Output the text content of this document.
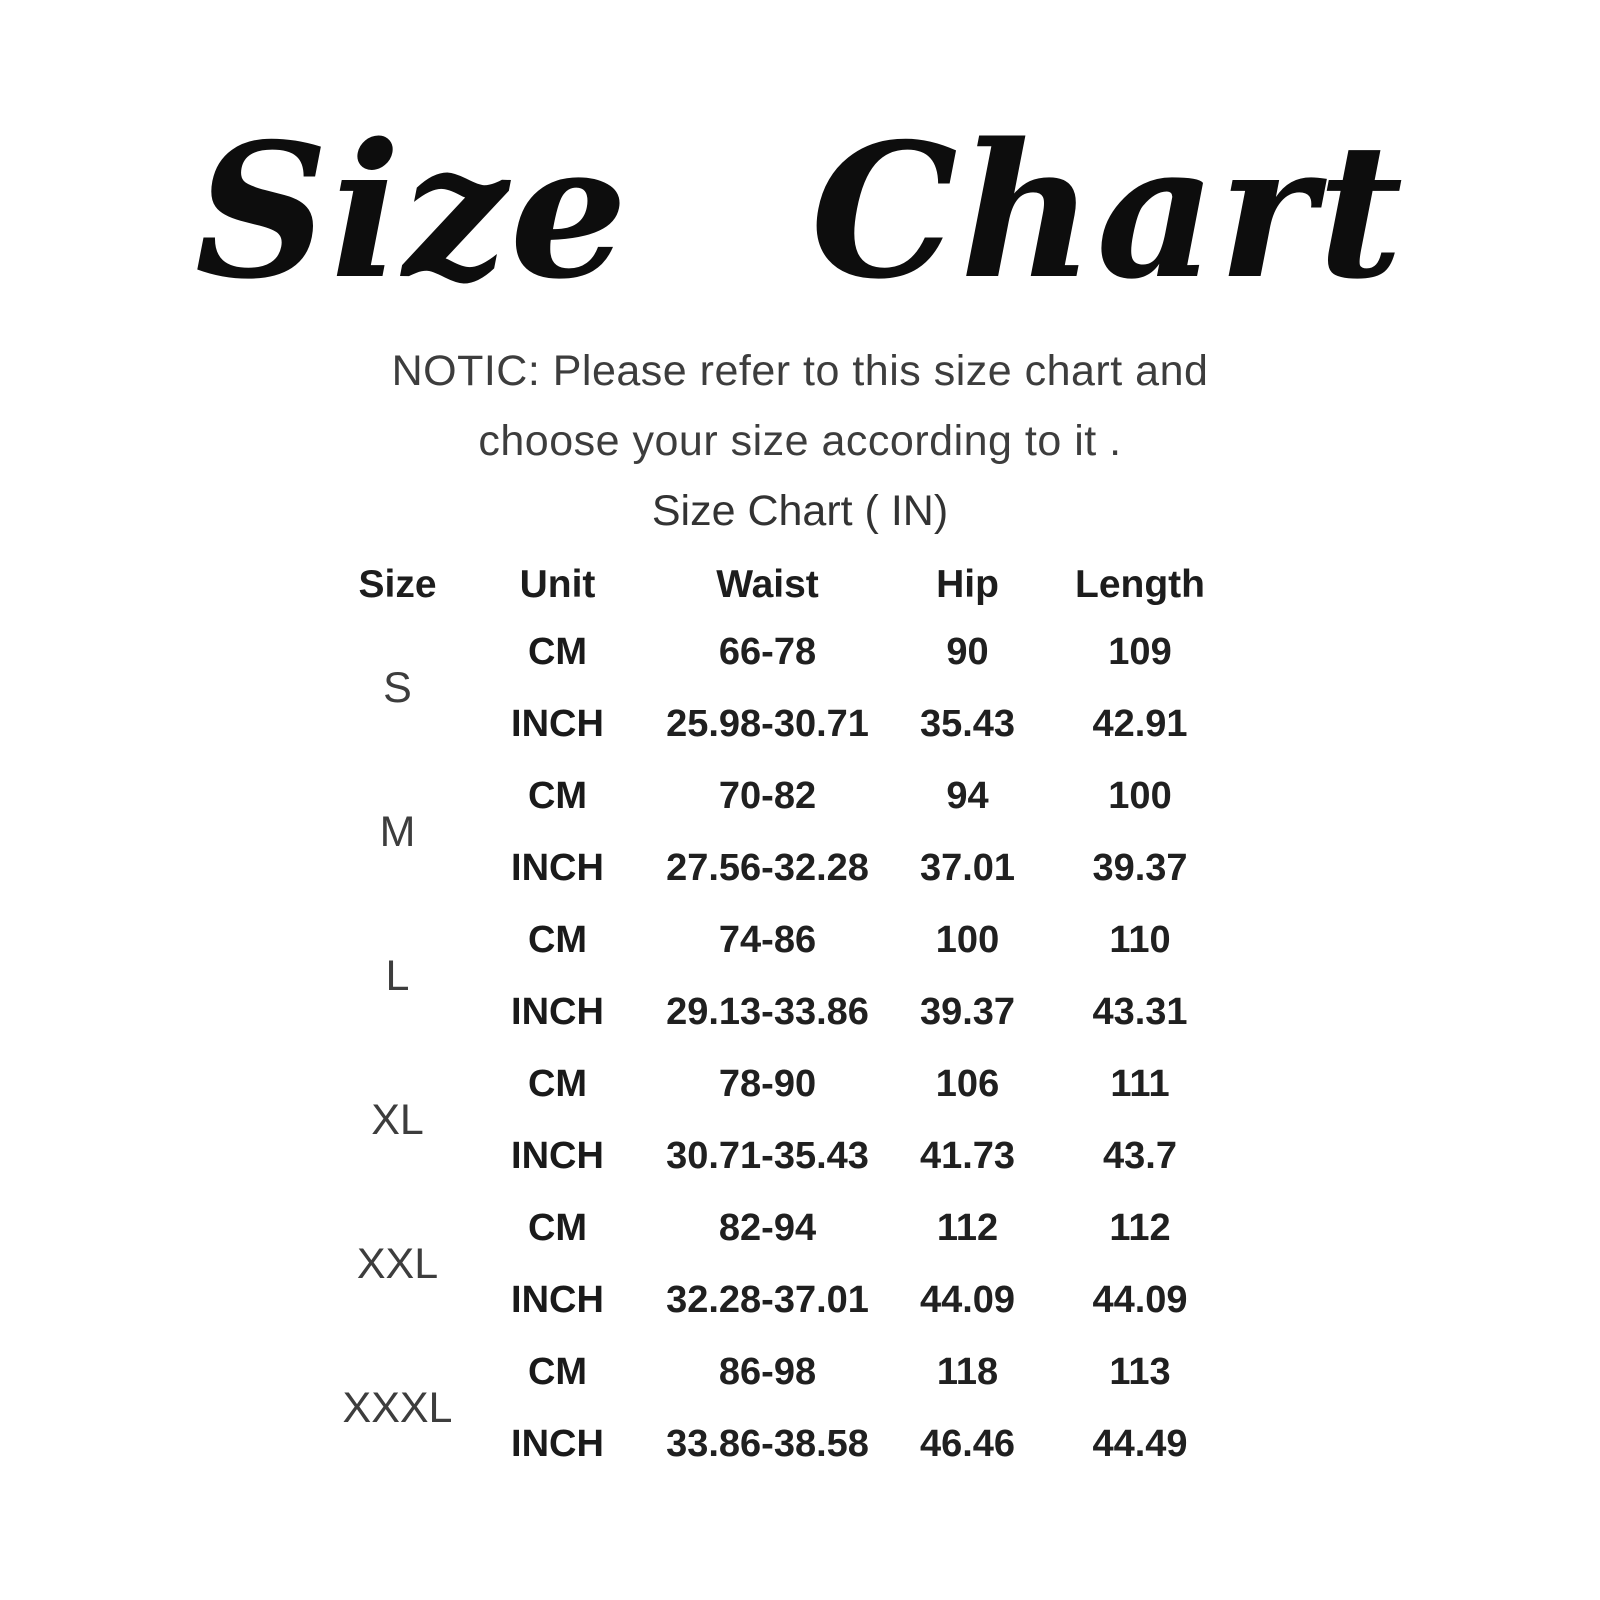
Size Chart
NOTIC: Please refer to this size chart and
choose your size according to it .
Size Chart ( IN)
Size	Unit	Waist	Hip	Length
S	CM	66-78	90	109
	INCH	25.98-30.71	35.43	42.91
M	CM	70-82	94	100
	INCH	27.56-32.28	37.01	39.37
L	CM	74-86	100	110
	INCH	29.13-33.86	39.37	43.31
XL	CM	78-90	106	111
	INCH	30.71-35.43	41.73	43.7
XXL	CM	82-94	112	112
	INCH	32.28-37.01	44.09	44.09
XXXL	CM	86-98	118	113
	INCH	33.86-38.58	46.46	44.49
